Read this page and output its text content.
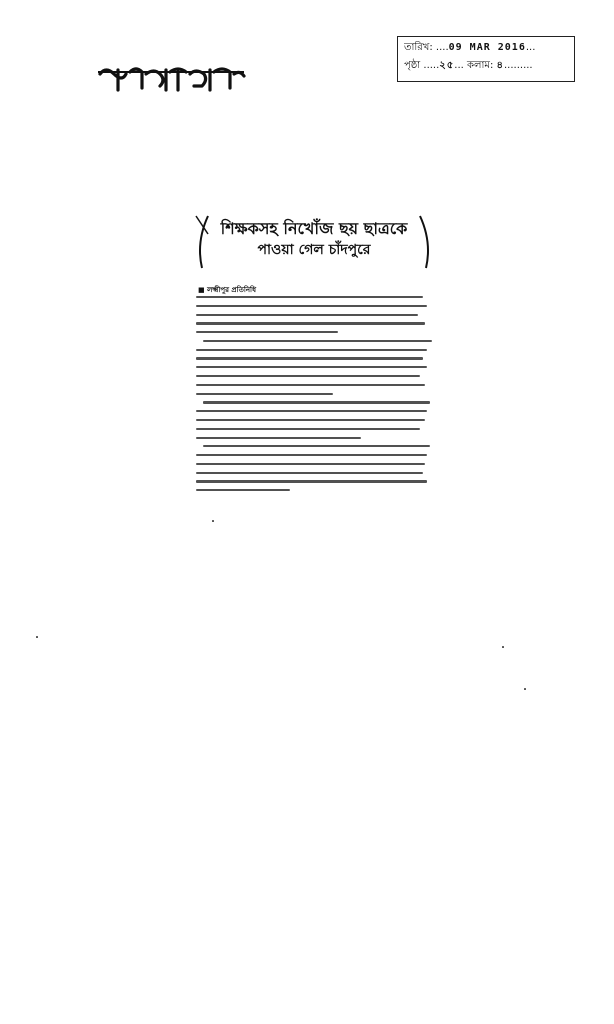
তারিখ: ....09 MAR 2016...
পৃষ্ঠা .....২৫... কলাম: ৪.........
শিক্ষকসহ নিখোঁজ ছয় ছাত্রকে
পাওয়া গেল চাঁদপুরে
■ লক্ষ্মীপুর প্রতিনিধি
